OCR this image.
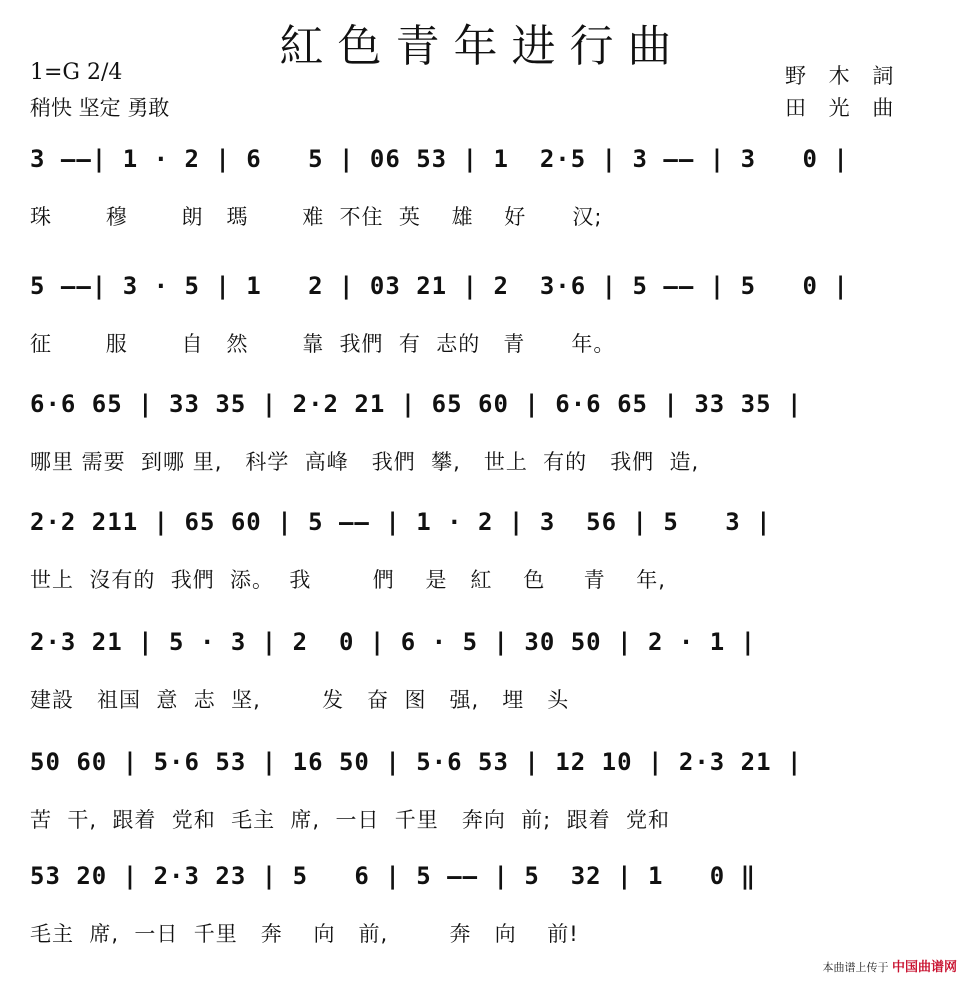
紅色青年进行曲
1=G 2/4
稍快 坚定 勇敢
野 木 詞
田 光 曲
3 ——| 1 · 2 | 6   5 | 06 53 | 1  2·5 | 3 —— | 3   0 |
珠       穆       朗   瑪       难  不住  英    雄    好      汉;
5 ——| 3 · 5 | 1   2 | 03 21 | 2  3·6 | 5 —— | 5   0 |
征       服       自   然       靠  我們  有  志的   青      年。
6·6 65 | 33 35 | 2·2 21 | 65 60 | 6·6 65 | 33 35 |
哪里 需要  到哪 里,   科学  高峰   我們  攀,   世上  有的   我們  造,
2·2 211 | 65 60 | 5 —— | 1 · 2 | 3  56 | 5   3 |
世上  沒有的  我們  添。  我        們    是   紅    色     青    年,
2·3 21 | 5 · 3 | 2  0 | 6 · 5 | 30 50 | 2 · 1 |
建設   祖国  意  志  坚,        发   奋  图   强,   埋   头
50 60 | 5·6 53 | 16 50 | 5·6 53 | 12 10 | 2·3 21 |
苦  干,  跟着  党和  毛主  席,  一日  千里   奔向  前;  跟着  党和
53 20 | 2·3 23 | 5   6 | 5 —— | 5  32 | 1   0 ‖
毛主  席,  一日  千里   奔    向   前,        奔   向    前!
本曲谱上传于 中国曲谱网
